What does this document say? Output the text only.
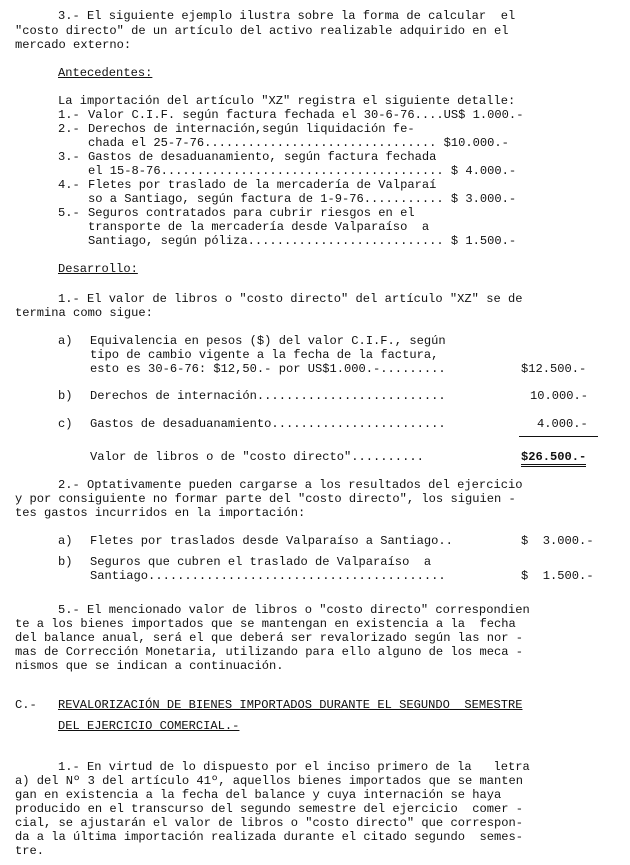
3.- El siguiente ejemplo ilustra sobre la forma de calcular  el
"costo directo" de un artículo del activo realizable adquirido en el
mercado externo:
Antecedentes:
La importación del artículo "XZ" registra el siguiente detalle:
1.- Valor C.I.F. según factura fechada el 30-6-76....US$ 1.000.-
2.- Derechos de internación,según liquidación fe-
chada el 25-7-76................................ $10.000.-
3.- Gastos de desaduanamiento, según factura fechada
el 15-8-76....................................... $ 4.000.-
4.- Fletes por traslado de la mercadería de Valparaí
so a Santiago, según factura de 1-9-76........... $ 3.000.-
5.- Seguros contratados para cubrir riesgos en el
transporte de la mercadería desde Valparaíso  a
Santiago, según póliza........................... $ 1.500.-
Desarrollo:
1.- El valor de libros o "costo directo" del artículo "XZ" se de
termina como sigue:
a) Equivalencia en pesos ($) del valor C.I.F., según
tipo de cambio vigente a la fecha de la factura,
esto es 30-6-76: $12,50.- por US$1.000.-.........	$12.500.-
b) Derechos de internación..........................	10.000.-
c) Gastos de desaduanamiento........................	4.000.-
Valor de libros o de "costo directo"..........	$26.500.-
2.- Optativamente pueden cargarse a los resultados del ejercicio
y por consiguiente no formar parte del "costo directo", los siguien -
tes gastos incurridos en la importación:
a) Fletes por traslados desde Valparaíso a Santiago..	$  3.000.-
b) Seguros que cubren el traslado de Valparaíso  a
Santiago.........................................	$  1.500.-
5.- El mencionado valor de libros o "costo directo" correspondien
te a los bienes importados que se mantengan en existencia a la  fecha
del balance anual, será el que deberá ser revalorizado según las nor -
mas de Corrección Monetaria, utilizando para ello alguno de los meca -
nismos que se indican a continuación.
C.- REVALORIZACIÓN DE BIENES IMPORTADOS DURANTE EL SEGUNDO  SEMESTRE
DEL EJERCICIO COMERCIAL.-
1.- En virtud de lo dispuesto por el inciso primero de la   letra
a) del Nº 3 del artículo 41º, aquellos bienes importados que se manten
gan en existencia a la fecha del balance y cuya internación se haya
producido en el transcurso del segundo semestre del ejercicio  comer -
cial, se ajustarán el valor de libros o "costo directo" que correspon-
da a la última importación realizada durante el citado segundo  semes-
tre.
